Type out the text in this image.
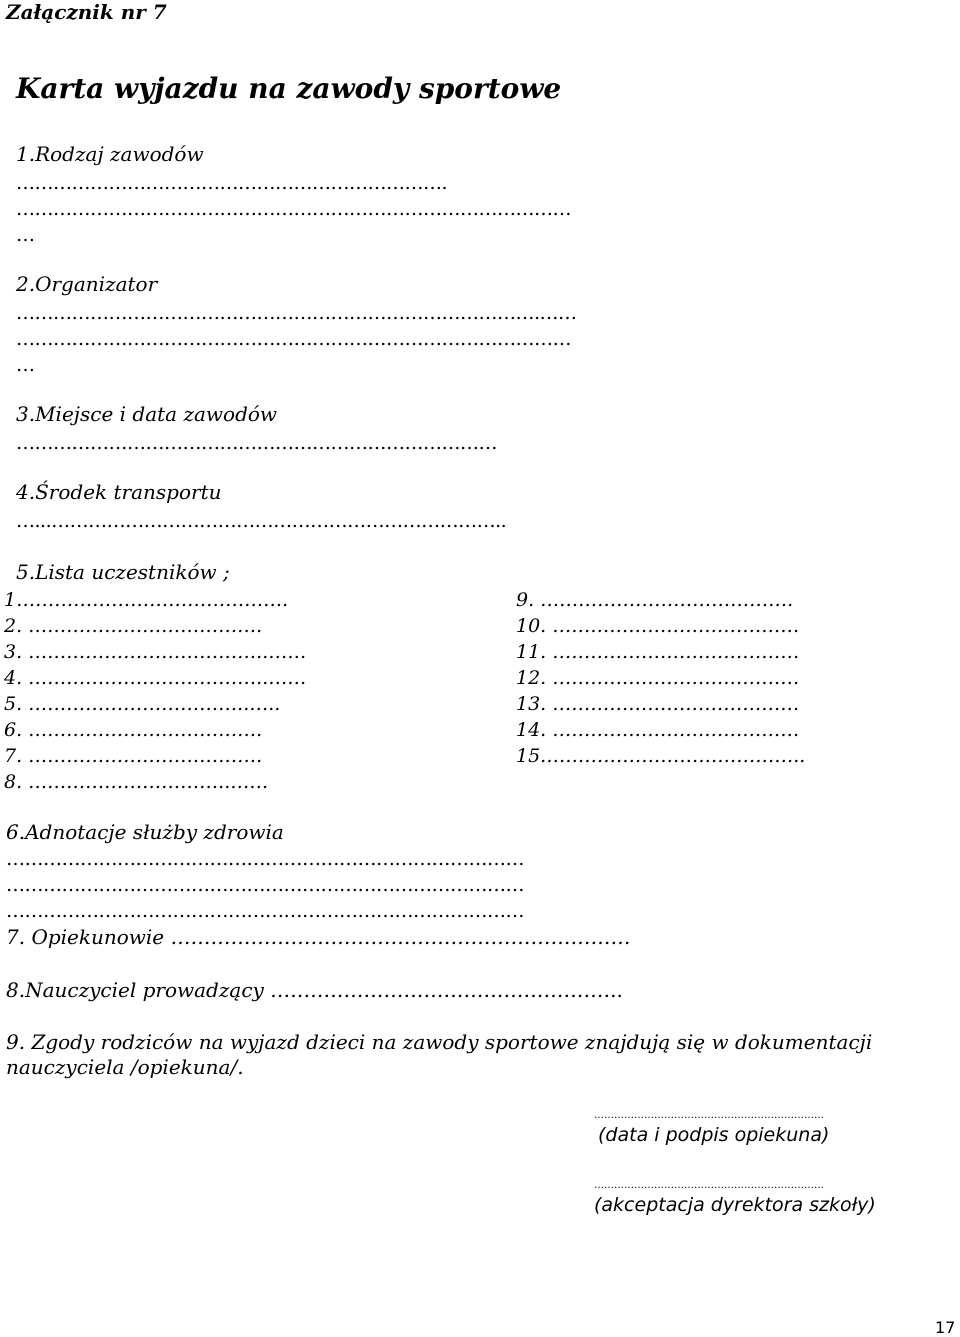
Załącznik nr 7
Karta wyjazdu na zawody sportowe
1.Rodzaj zawodów
…………………………………………………………….
………………………………………………………………………………
…
2.Organizator
………………………………………………………………………….……
………………………………………………………………………………
…
3.Miejsce i data zawodów
……………………………………………………………………
4.Środek transportu
…...………………………………………………………………..
5.Lista uczestników ;
1…………………………………….
2. ……………………………….
3. ………………………………..……
4. ………………………………..……
5. ……………………………..…..
6. ……………………………….
7. ……………………………….
8. …………………………..……
9. ………………………………….
10. …………………………………
11. …………………………………
12. …………………………………
13. …………………………………
14. …………………………………
15.…………………………………..
6.Adnotacje służby zdrowia
…………………………………………………………………………
…………………………………………………………………………
…………………………………………………………………………
7. Opiekunowie ……………………………………………………………
8.Nauczyciel prowadzący ……………………………………………..
9. Zgody rodziców na wyjazd dzieci na zawody sportowe znajdują się w dokumentacji
nauczyciela /opiekuna/.
……………………………………………………………
(data i podpis opiekuna)
……………………………………………………………
(akceptacja dyrektora szkoły)
17
